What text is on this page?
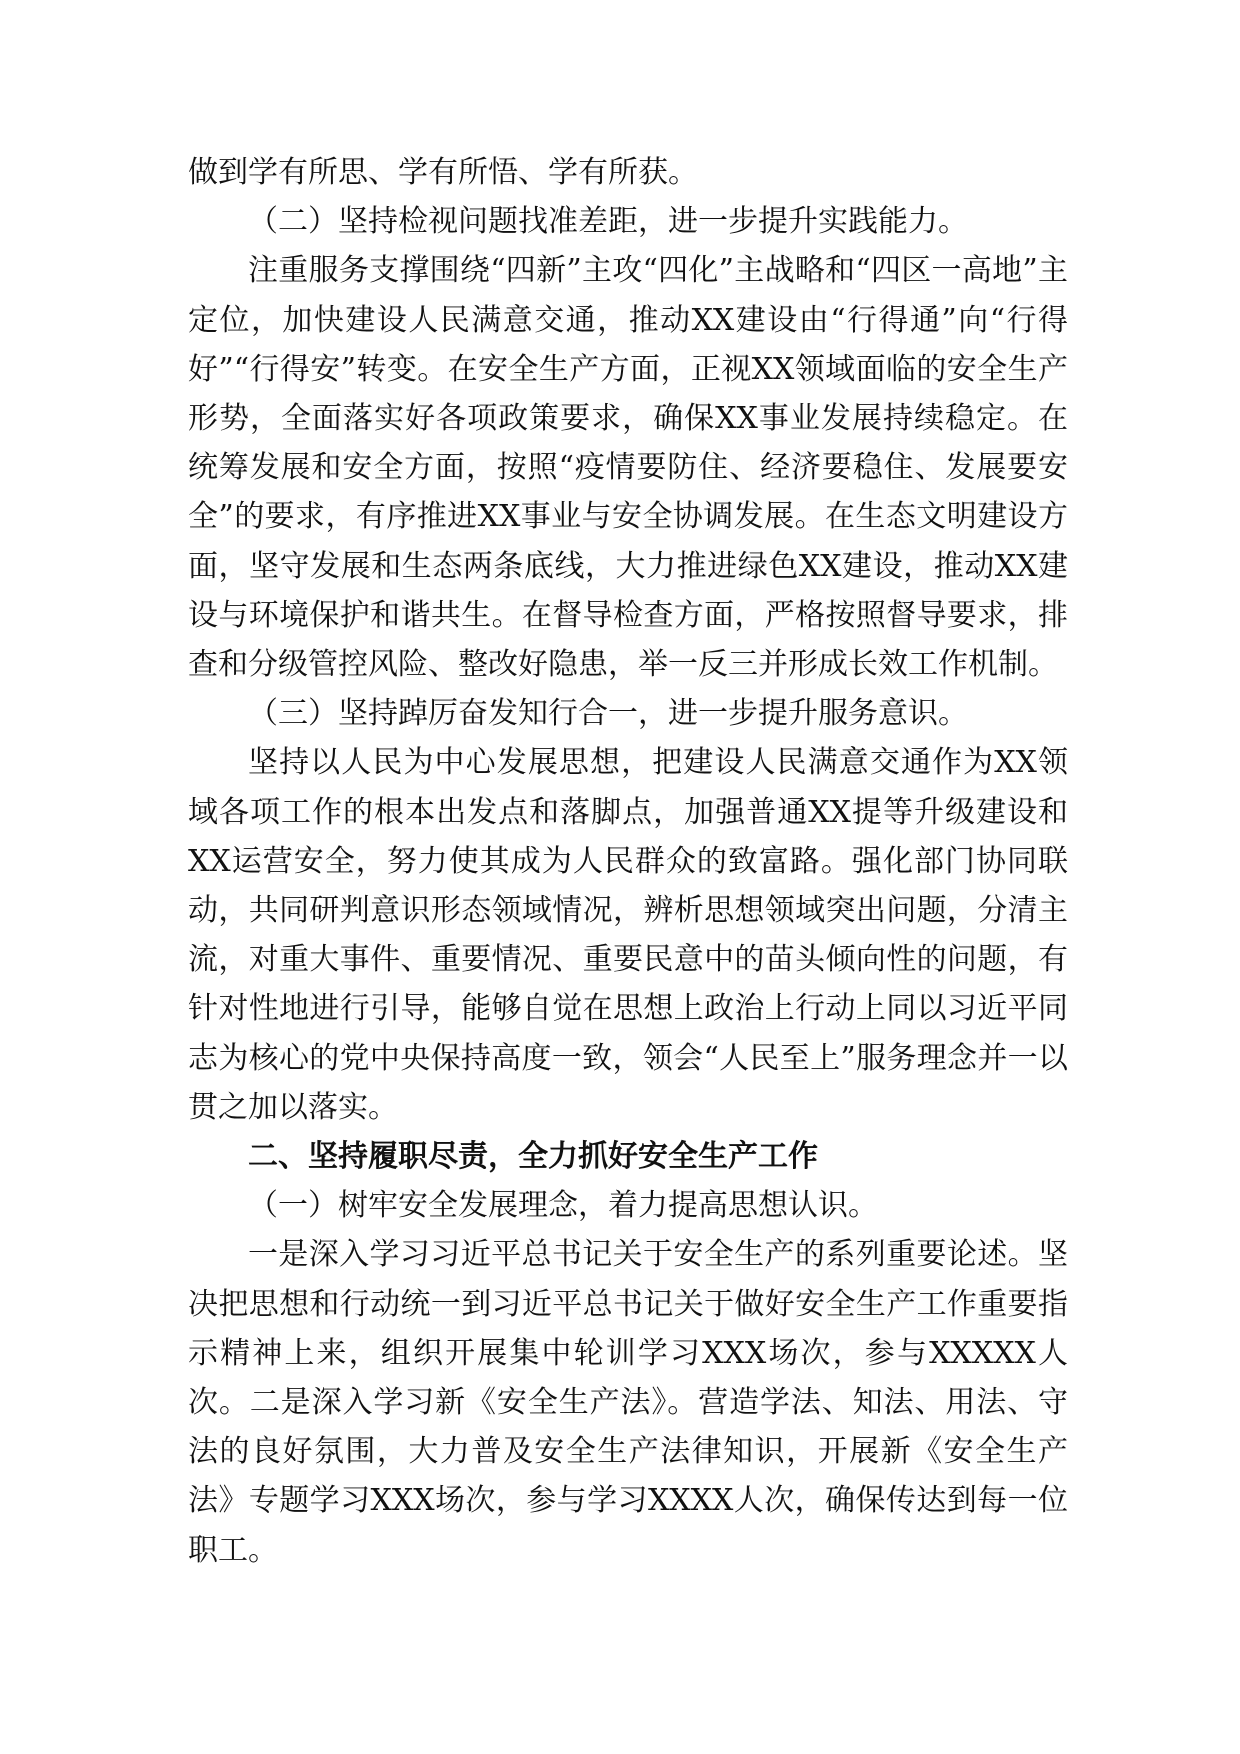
做到学有所思、学有所悟、学有所获。

（二）坚持检视问题找准差距，进一步提升实践能力。

注重服务支撑围绕“四新”主攻“四化”主战略和“四区一高地”主定位，加快建设人民满意交通，推动XX建设由“行得通”向“行得好”“行得安”转变。在安全生产方面，正视XX领域面临的安全生产形势，全面落实好各项政策要求，确保XX事业发展持续稳定。在统筹发展和安全方面，按照“疫情要防住、经济要稳住、发展要安全”的要求，有序推进XX事业与安全协调发展。在生态文明建设方面，坚守发展和生态两条底线，大力推进绿色XX建设，推动XX建设与环境保护和谐共生。在督导检查方面，严格按照督导要求，排查和分级管控风险、整改好隐患，举一反三并形成长效工作机制。

（三）坚持踔厉奋发知行合一，进一步提升服务意识。

坚持以人民为中心发展思想，把建设人民满意交通作为XX领域各项工作的根本出发点和落脚点，加强普通XX提等升级建设和XX运营安全，努力使其成为人民群众的致富路。强化部门协同联动，共同研判意识形态领域情况，辨析思想领域突出问题，分清主流，对重大事件、重要情况、重要民意中的苗头倾向性的问题，有针对性地进行引导，能够自觉在思想上政治上行动上同以习近平同志为核心的党中央保持高度一致，领会“人民至上”服务理念并一以贯之加以落实。

二、坚持履职尽责，全力抓好安全生产工作

（一）树牢安全发展理念，着力提高思想认识。

一是深入学习习近平总书记关于安全生产的系列重要论述。坚决把思想和行动统一到习近平总书记关于做好安全生产工作重要指示精神上来，组织开展集中轮训学习XXX场次，参与XXXXX人次。二是深入学习新《安全生产法》。营造学法、知法、用法、守法的良好氛围，大力普及安全生产法律知识，开展新《安全生产法》专题学习XXX场次，参与学习XXXX人次，确保传达到每一位职工。
